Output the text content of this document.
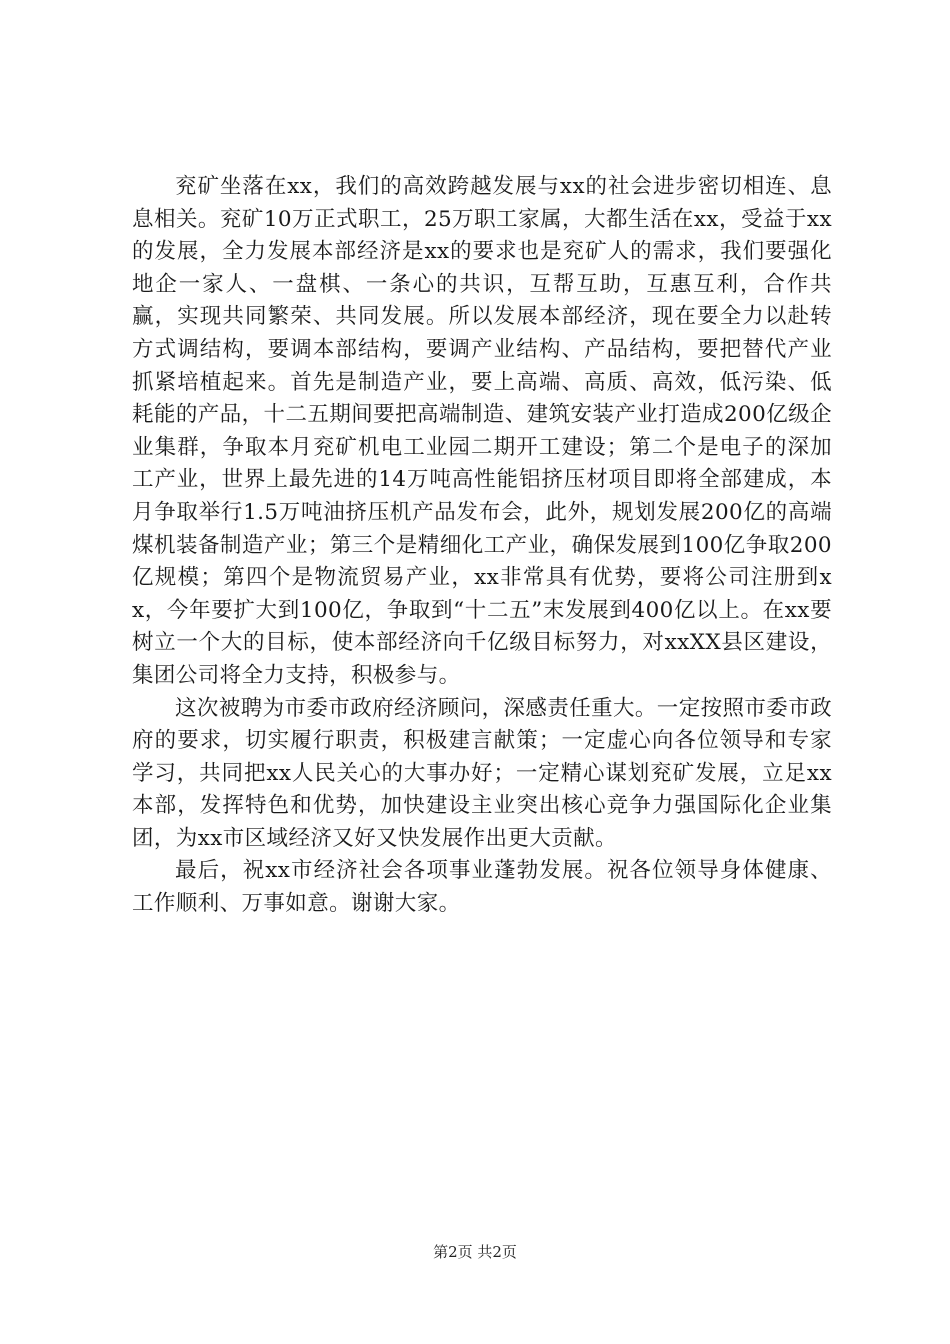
兖矿坐落在xx，我们的高效跨越发展与xx的社会进步密切相连、息息相关。兖矿10万正式职工，25万职工家属，大都生活在xx，受益于xx的发展，全力发展本部经济是xx的要求也是兖矿人的需求，我们要强化地企一家人、一盘棋、一条心的共识，互帮互助，互惠互利，合作共赢，实现共同繁荣、共同发展。所以发展本部经济，现在要全力以赴转方式调结构，要调本部结构，要调产业结构、产品结构，要把替代产业抓紧培植起来。首先是制造产业，要上高端、高质、高效，低污染、低耗能的产品，十二五期间要把高端制造、建筑安装产业打造成200亿级企业集群，争取本月兖矿机电工业园二期开工建设；第二个是电子的深加工产业，世界上最先进的14万吨高性能铝挤压材项目即将全部建成，本月争取举行1.5万吨油挤压机产品发布会，此外，规划发展200亿的高端煤机装备制造产业；第三个是精细化工产业，确保发展到100亿争取200亿规模；第四个是物流贸易产业，xx非常具有优势，要将公司注册到xx，今年要扩大到100亿，争取到“十二五”末发展到400亿以上。在xx要树立一个大的目标，使本部经济向千亿级目标努力，对xxXX县区建设，集团公司将全力支持，积极参与。

这次被聘为市委市政府经济顾问，深感责任重大。一定按照市委市政府的要求，切实履行职责，积极建言献策；一定虚心向各位领导和专家学习，共同把xx人民关心的大事办好；一定精心谋划兖矿发展，立足xx本部，发挥特色和优势，加快建设主业突出核心竞争力强国际化企业集团，为xx市区域经济又好又快发展作出更大贡献。

最后，祝xx市经济社会各项事业蓬勃发展。祝各位领导身体健康、工作顺利、万事如意。谢谢大家。

第2页 共2页
